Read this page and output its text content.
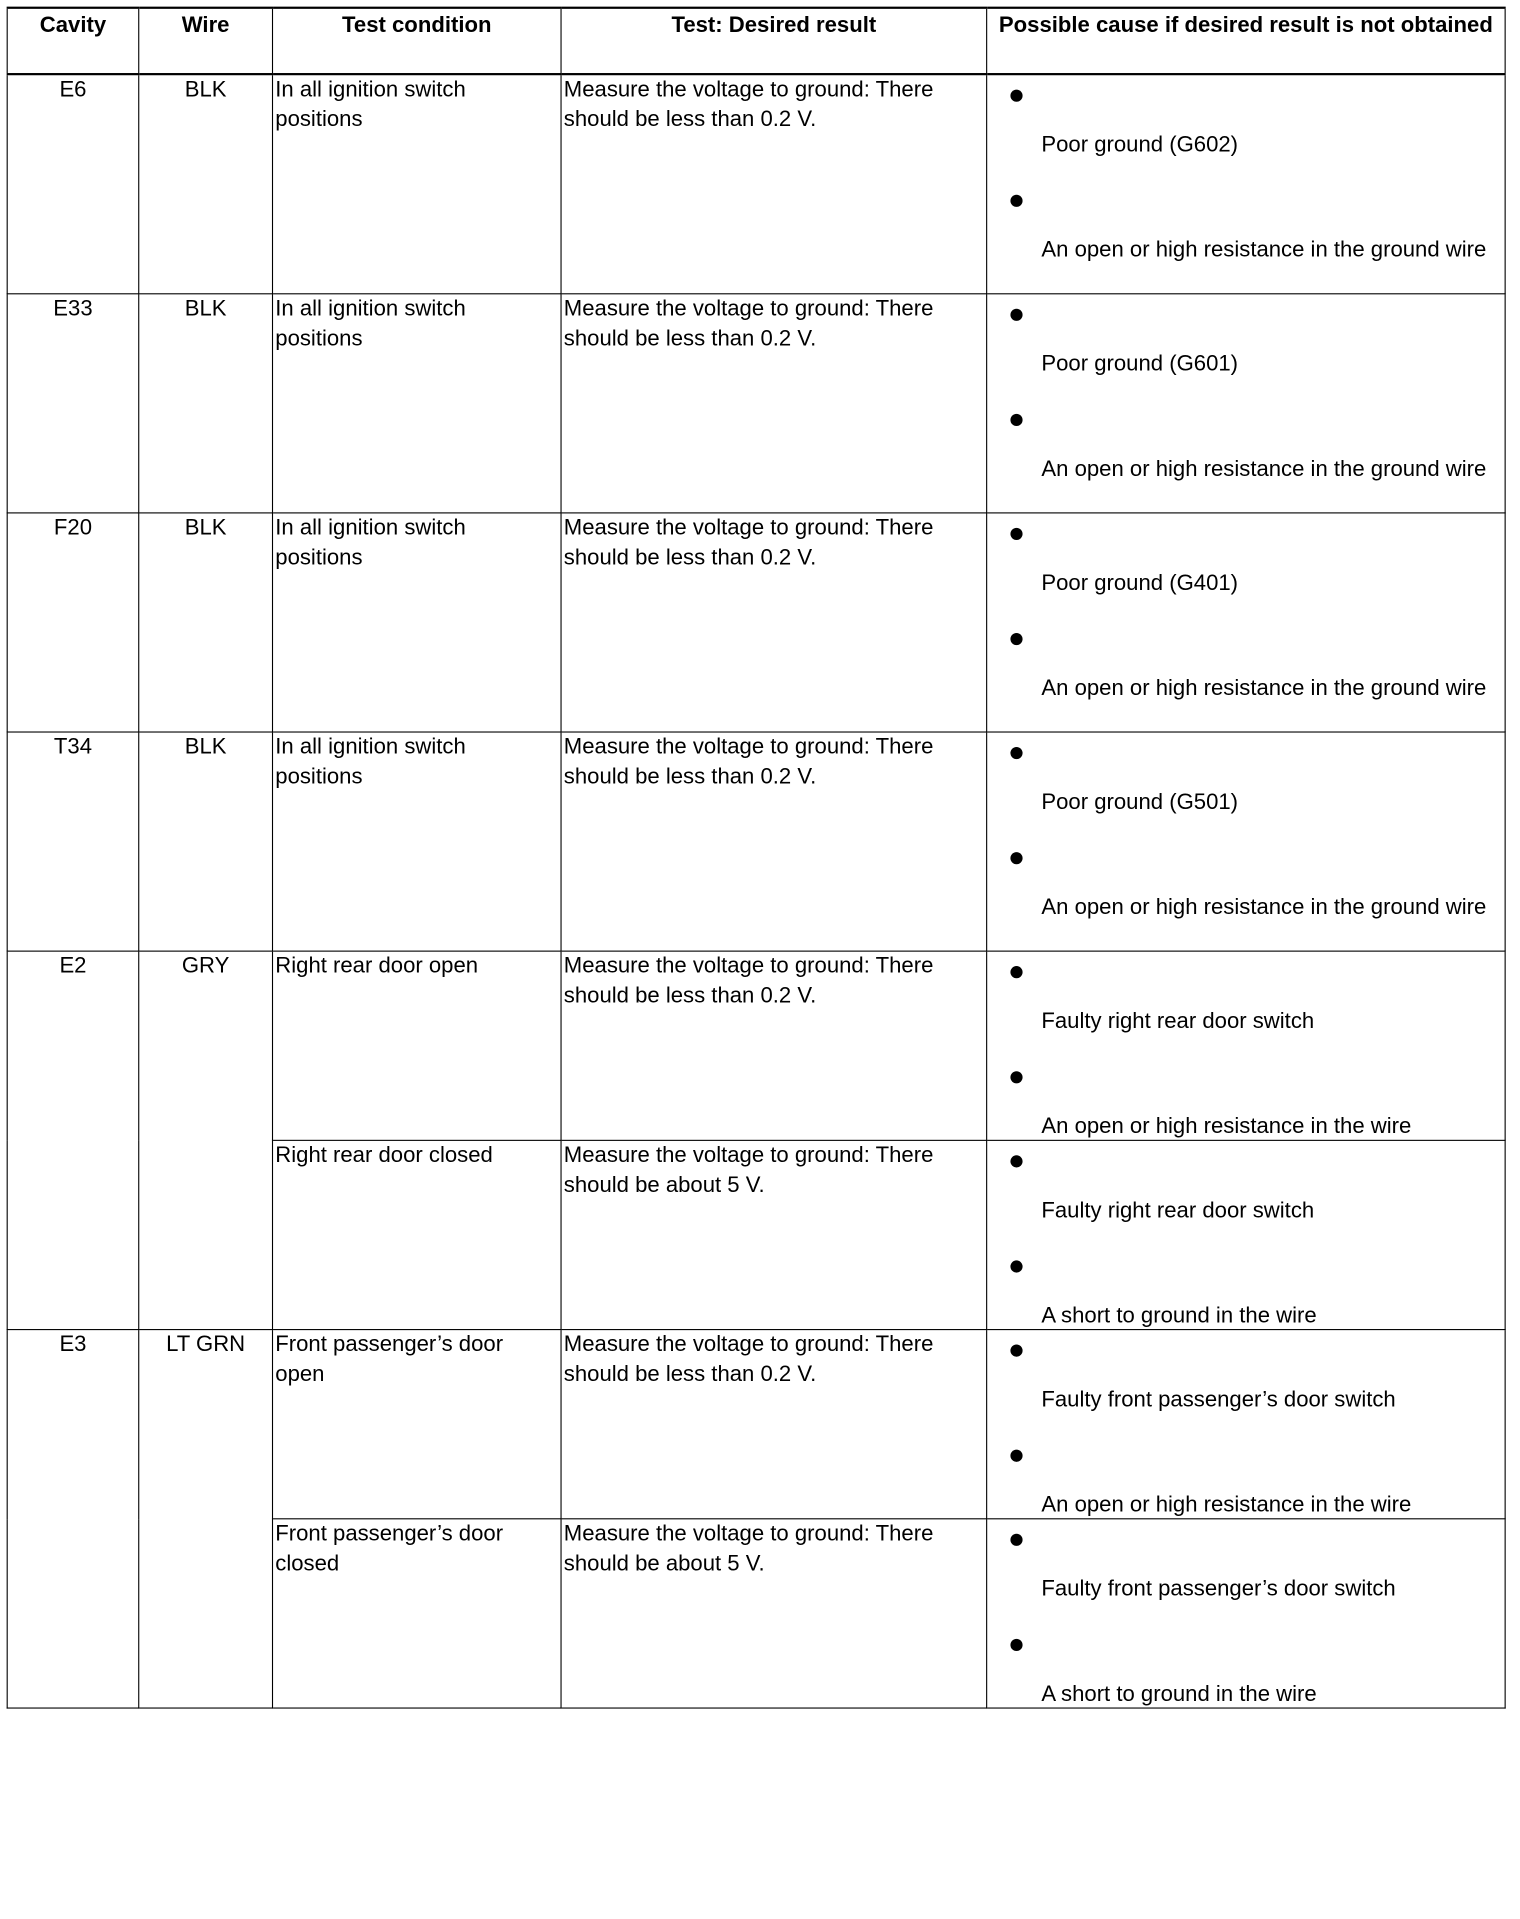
Cavity	Wire	Test condition	Test: Desired result	Possible cause if desired result is not obtained
E6	BLK	In all ignition switch positions	Measure the voltage to ground: There should be less than 0.2 V.	Poor ground (G602)
An open or high resistance in the ground wire

E33	BLK	In all ignition switch positions	Measure the voltage to ground: There should be less than 0.2 V.	Poor ground (G601)
An open or high resistance in the ground wire

F20	BLK	In all ignition switch positions	Measure the voltage to ground: There should be less than 0.2 V.	Poor ground (G401)
An open or high resistance in the ground wire

T34	BLK	In all ignition switch positions	Measure the voltage to ground: There should be less than 0.2 V.	Poor ground (G501)
An open or high resistance in the ground wire

E2	GRY	Right rear door open	Measure the voltage to ground: There should be less than 0.2 V.	Faulty right rear door switch
An open or high resistance in the wire

		Right rear door closed	Measure the voltage to ground: There should be about 5 V.	Faulty right rear door switch
A short to ground in the wire

E3	LT GRN	Front passenger’s door open	Measure the voltage to ground: There should be less than 0.2 V.	Faulty front passenger’s door switch
An open or high resistance in the wire

		Front passenger’s door closed	Measure the voltage to ground: There should be about 5 V.	Faulty front passenger’s door switch
A short to ground in the wire
